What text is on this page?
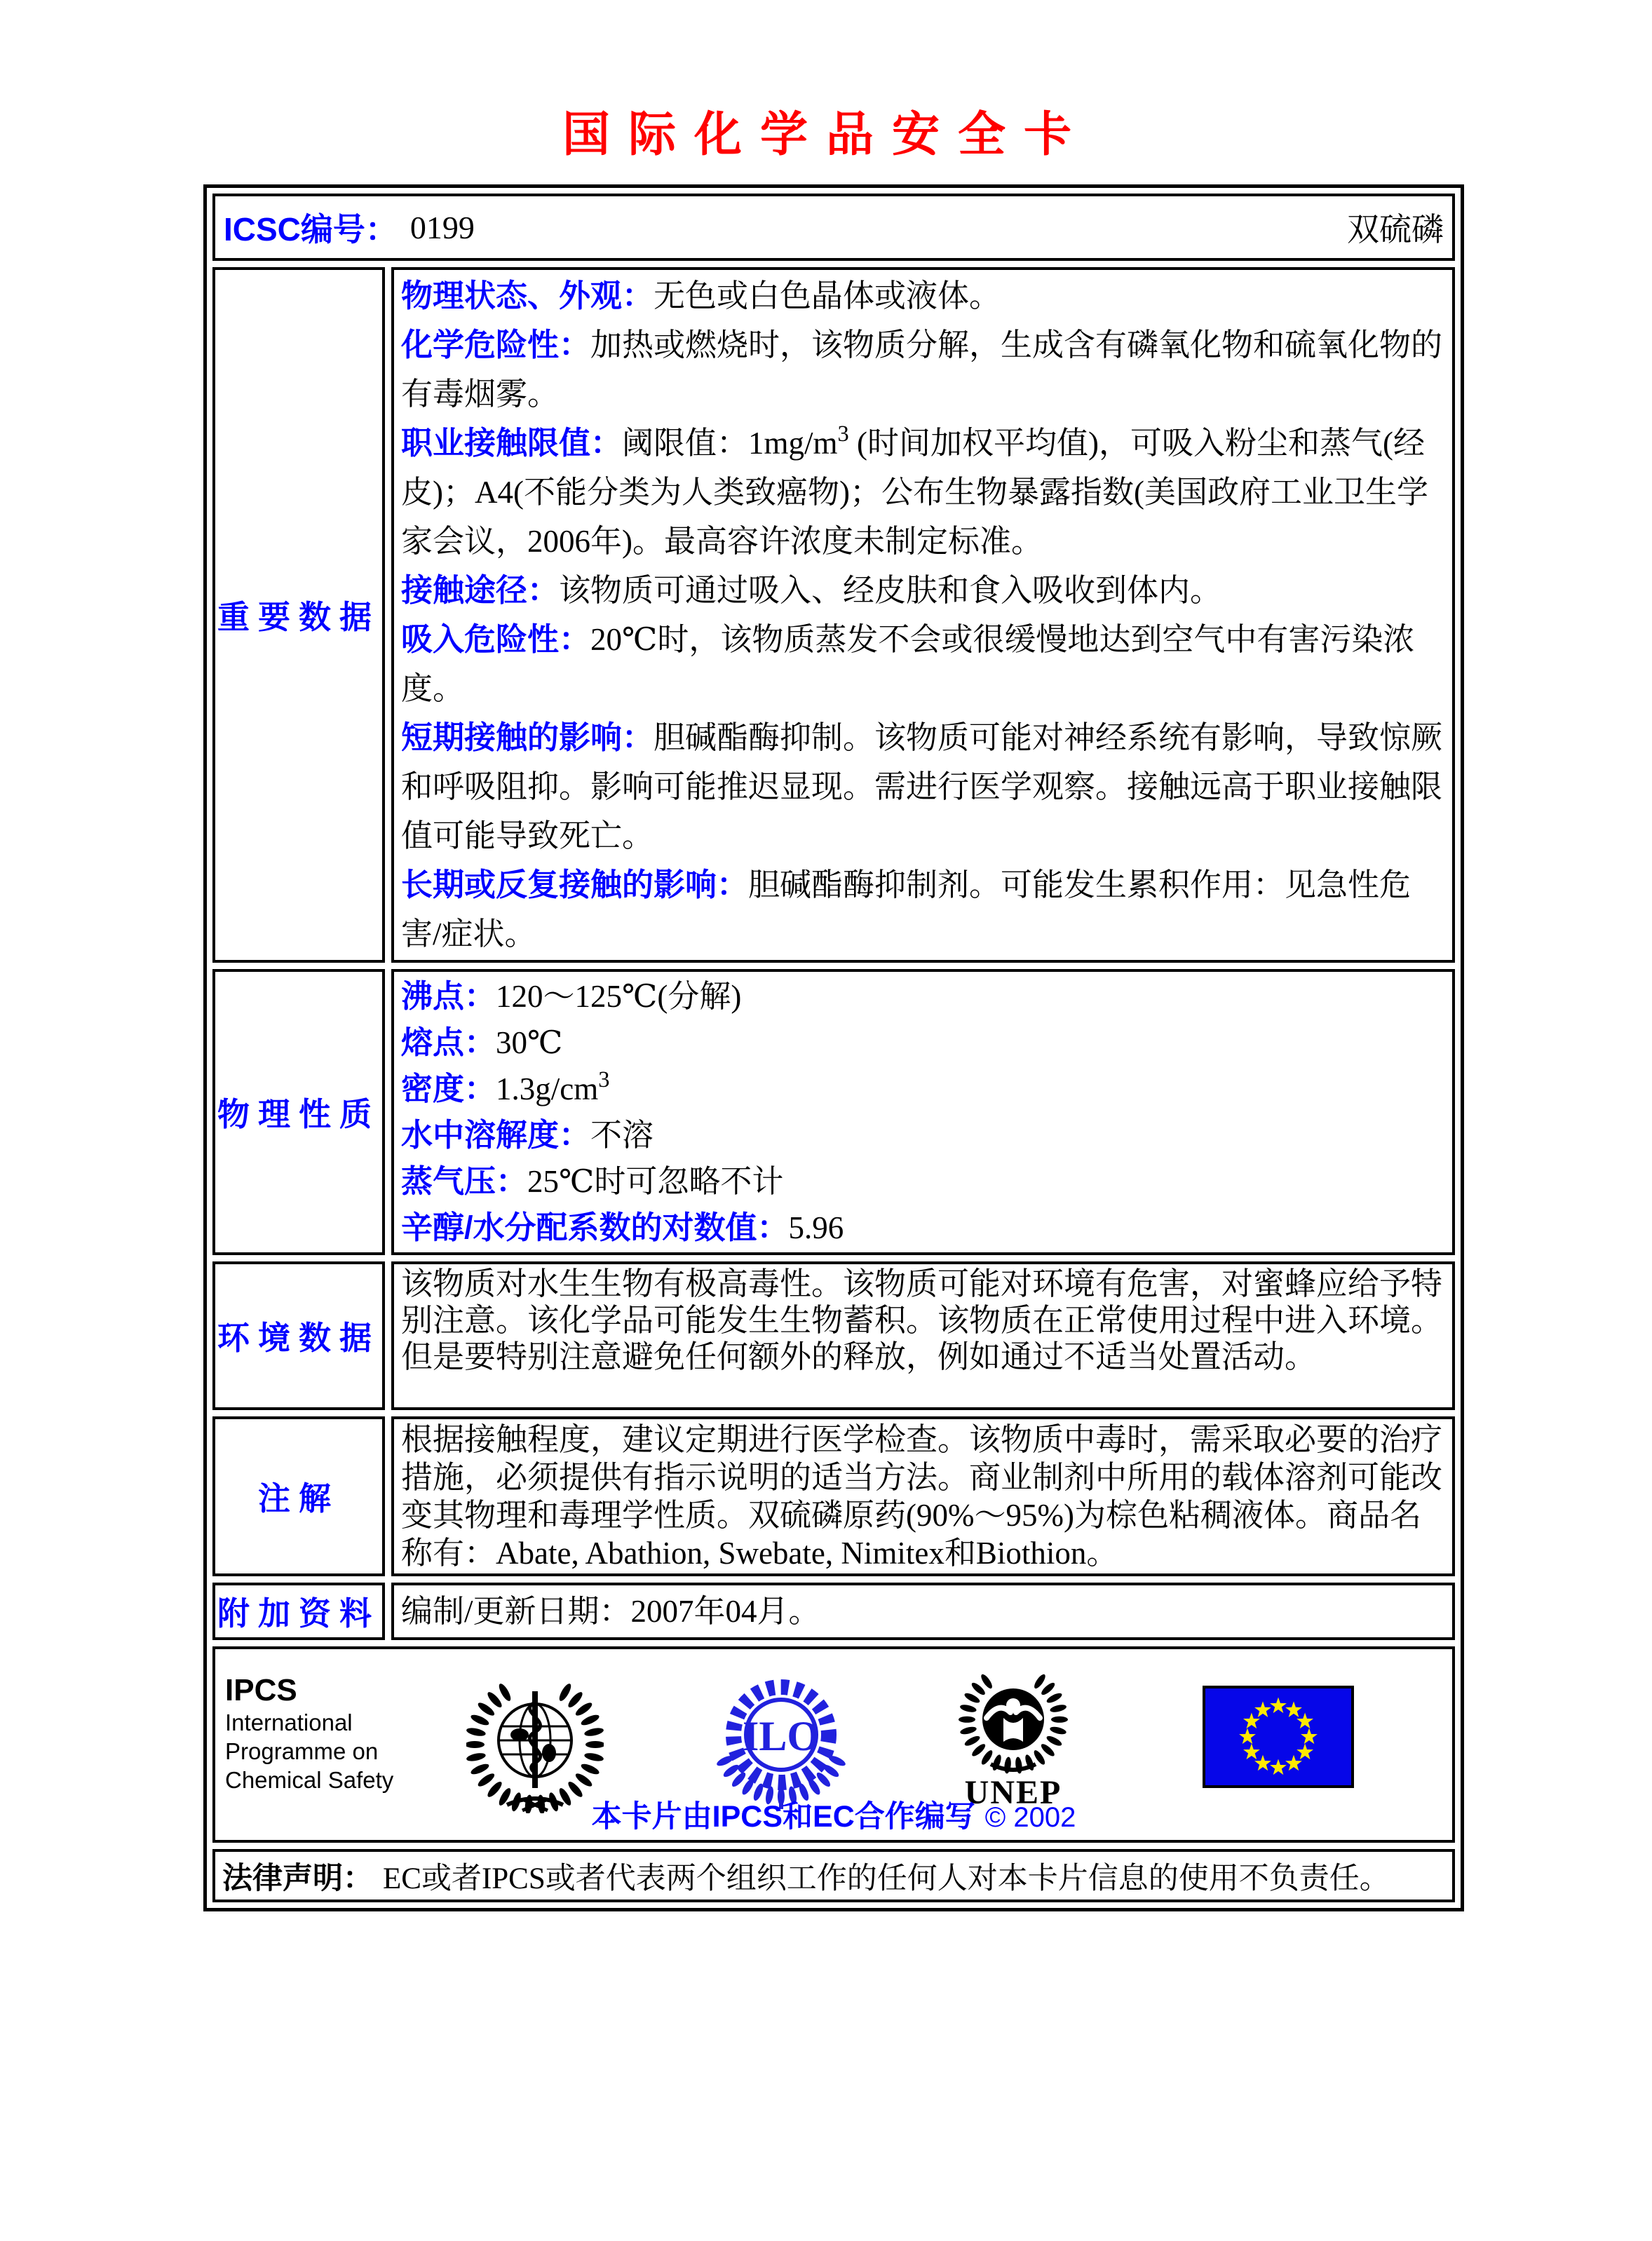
国际化学品安全卡
ICSC编号： 0199	双硫磷
重要数据

物理状态、外观：无色或白色晶体或液体。

化学危险性：加热或燃烧时，该物质分解，生成含有磷氧化物和硫氧化物的有毒烟雾。

职业接触限值：阈限值：$1mg/m^3$ (时间加权平均值)，可吸入粉尘和蒸气(经皮)；A4(不能分类为人类致癌物)；公布生物暴露指数(美国政府工业卫生学家会议，2006年)。最高容许浓度未制定标准。

接触途径：该物质可通过吸入、经皮肤和食入吸收到体内。

吸入危险性：20℃时，该物质蒸发不会或很缓慢地达到空气中有害污染浓度。

短期接触的影响：胆碱酯酶抑制。该物质可能对神经系统有影响，导致惊厥和呼吸阻抑。影响可能推迟显现。需进行医学观察。接触远高于职业接触限值可能导致死亡。

长期或反复接触的影响：胆碱酯酶抑制剂。可能发生累积作用：见急性危害/症状。

物理性质

沸点：120～125℃(分解)

熔点：30℃

密度：$1.3g/cm^3$

水中溶解度：不溶

蒸气压：25℃时可忽略不计

辛醇/水分配系数的对数值：5.96

环境数据

该物质对水生生物有极高毒性。该物质可能对环境有危害，对蜜蜂应给予特别注意。该化学品可能发生生物蓄积。该物质在正常使用过程中进入环境。但是要特别注意避免任何额外的释放，例如通过不适当处置活动。

注解

根据接触程度，建议定期进行医学检查。该物质中毒时，需采取必要的治疗措施，必须提供有指示说明的适当方法。商业制剂中所用的载体溶剂可能改变其物理和毒理学性质。双硫磷原药(90%～95%)为棕色粘稠液体。商品名称有：Abate, Abathion, Swebate, Nimitex和Biothion。

附加资料 编制/更新日期：2007年04月。

IPCS
International
Programme on
Chemical Safety
ILO
UNEP
本卡片由IPCS和EC合作编写 © 2002
法律声明： EC或者IPCS或者代表两个组织工作的任何人对本卡片信息的使用不负责任。
